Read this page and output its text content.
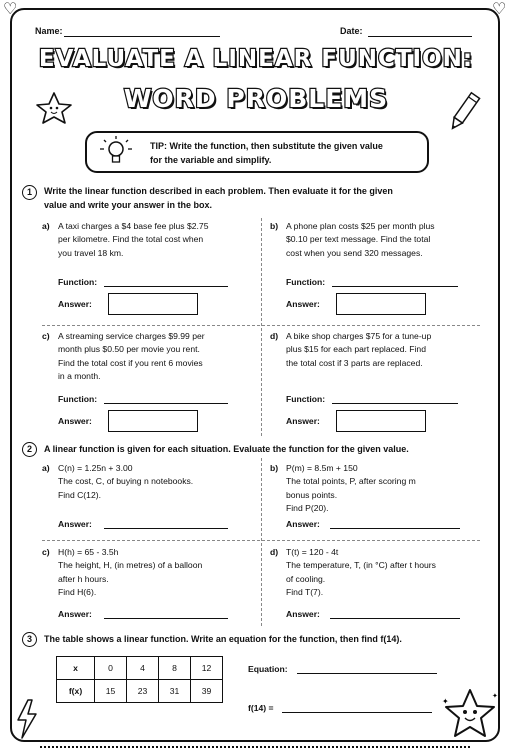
♡	♡
Name:	Date:
EVALUATE A LINEAR FUNCTION:
WORD PROBLEMS
TIP: Write the function, then substitute the given value
for the variable and simplify.
1	Write the linear function described in each problem. Then evaluate it for the given
value and write your answer in the box.
a) A taxi charges a $4 base fee plus $2.75
per kilometre. Find the total cost when
you travel 18 km.
Function:
Answer:
b) A phone plan costs $25 per month plus
$0.10 per text message. Find the total
cost when you send 320 messages.
Function:
Answer:
c) A streaming service charges $9.99 per
month plus $0.50 per movie you rent.
Find the total cost if you rent 6 movies
in a month.
Function:
Answer:
d) A bike shop charges $75 for a tune-up
plus $15 for each part replaced. Find
the total cost if 3 parts are replaced.
Function:
Answer:
2	A linear function is given for each situation. Evaluate the function for the given value.
a) C(n) = 1.25n + 3.00
The cost, C, of buying n notebooks.
Find C(12).
Answer:
b) P(m) = 8.5m + 150
The total points, P, after scoring m
bonus points.
Find P(20).
Answer:
c) H(h) = 65 - 3.5h
The height, H, (in metres) of a balloon
after h hours.
Find H(6).
Answer:
d) T(t) = 120 - 4t
The temperature, T, (in °C) after t hours
of cooling.
Find T(7).
Answer:
3	The table shows a linear function. Write an equation for the function, then find f(14).
x	0	4	8	12
f(x)	15	23	31	39
Equation:
f(14) =
✦
✦
